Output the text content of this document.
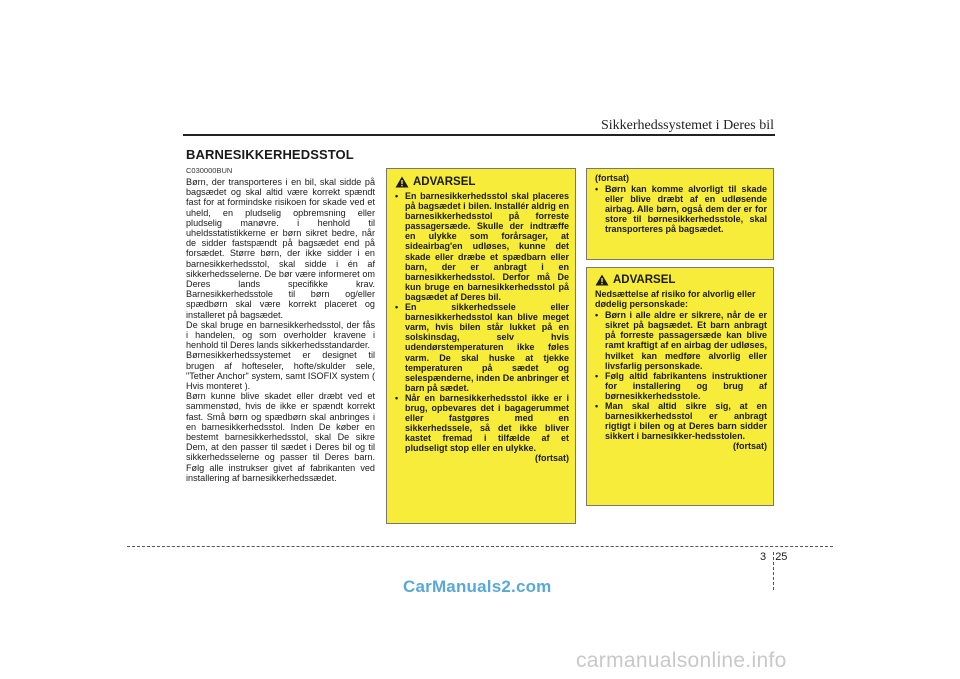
Sikkerhedssystemet i Deres bil
BARNESIKKERHEDSSTOL
C030000BUN

Børn, der transporteres i en bil, skal sidde på bagsædet og skal altid være korrekt spændt fast for at formindske risikoen for skade ved et uheld, en pludselig opbremsning eller pludselig manøvre. i henhold til uheldsstatistikkerne er børn sikret bedre, når de sidder fastspændt på bagsædet end på forsædet. Større børn, der ikke sidder i en barnesikkerhedsstol, skal sidde i én af sikkerhedsselerne. De bør være informeret om Deres lands specifikke krav. Barnesikkerhedsstole til børn og/eller spædbørn skal være korrekt placeret og installeret på bagsædet.

De skal bruge en barnesikkerhedsstol, der fås i handelen, og som overholder kravene i henhold til Deres lands sikkerhedsstandarder.

Børnesikkerhedssystemet er designet til brugen af hofteseler, hofte/skulder sele, "Tether Anchor" system, samt ISOFIX system ( Hvis monteret ).

Børn kunne blive skadet eller dræbt ved et sammenstød, hvis de ikke er spændt korrekt fast. Små børn og spædbørn skal anbringes i en barnesikkerhedsstol. Inden De køber en bestemt barnesikkerhedsstol, skal De sikre Dem, at den passer til sædet i Deres bil og til sikkerhedsselerne og passer til Deres barn. Følg alle instrukser givet af fabrikanten ved installering af barnesikkerhedssædet.

ADVARSEL
• En barnesikkerhedsstol skal placeres på bagsædet i bilen. Installér aldrig en barnesikkerhedsstol på forreste passagersæde. Skulle der indtræffe en ulykke som forårsager, at sideairbag'en udløses, kunne det skade eller dræbe et spædbarn eller barn, der er anbragt i en barnesikkerhedsstol. Derfor må De kun bruge en barnesikkerhedsstol på bagsædet af Deres bil.
• En sikkerhedssele eller barnesikkerhedsstol kan blive meget varm, hvis bilen står lukket på en solskinsdag, selv hvis udendørstemperaturen ikke føles varm. De skal huske at tjekke temperaturen på sædet og selespænderne, inden De anbringer et barn på sædet.
• Når en barnesikkerhedsstol ikke er i brug, opbevares det i bagagerummet eller fastgøres med en sikkerhedssele, så det ikke bliver kastet fremad i tilfælde af et pludseligt stop eller en ulykke.
(fortsat)
(fortsat)
• Børn kan komme alvorligt til skade eller blive dræbt af en udløsende airbag. Alle børn, også dem der er for store til børnesikkerhedsstole, skal transporteres på bagsædet.
ADVARSEL
Nedsættelse af risiko for alvorlig eller dødelig personskade:
• Børn i alle aldre er sikrere, når de er sikret på bagsædet. Et barn anbragt på forreste passagersæde kan blive ramt kraftigt af en airbag der udløses, hvilket kan medføre alvorlig eller livsfarlig personskade.
• Følg altid fabrikantens instruktioner for installering og brug af børnesikkerhedsstole.
• Man skal altid sikre sig, at en barnesikkerhedsstol er anbragt rigtigt i bilen og at Deres barn sidder sikkert i barnesikker-hedsstolen.
(fortsat)
3 25
CarManuals2.com
carmanualsonline.info
